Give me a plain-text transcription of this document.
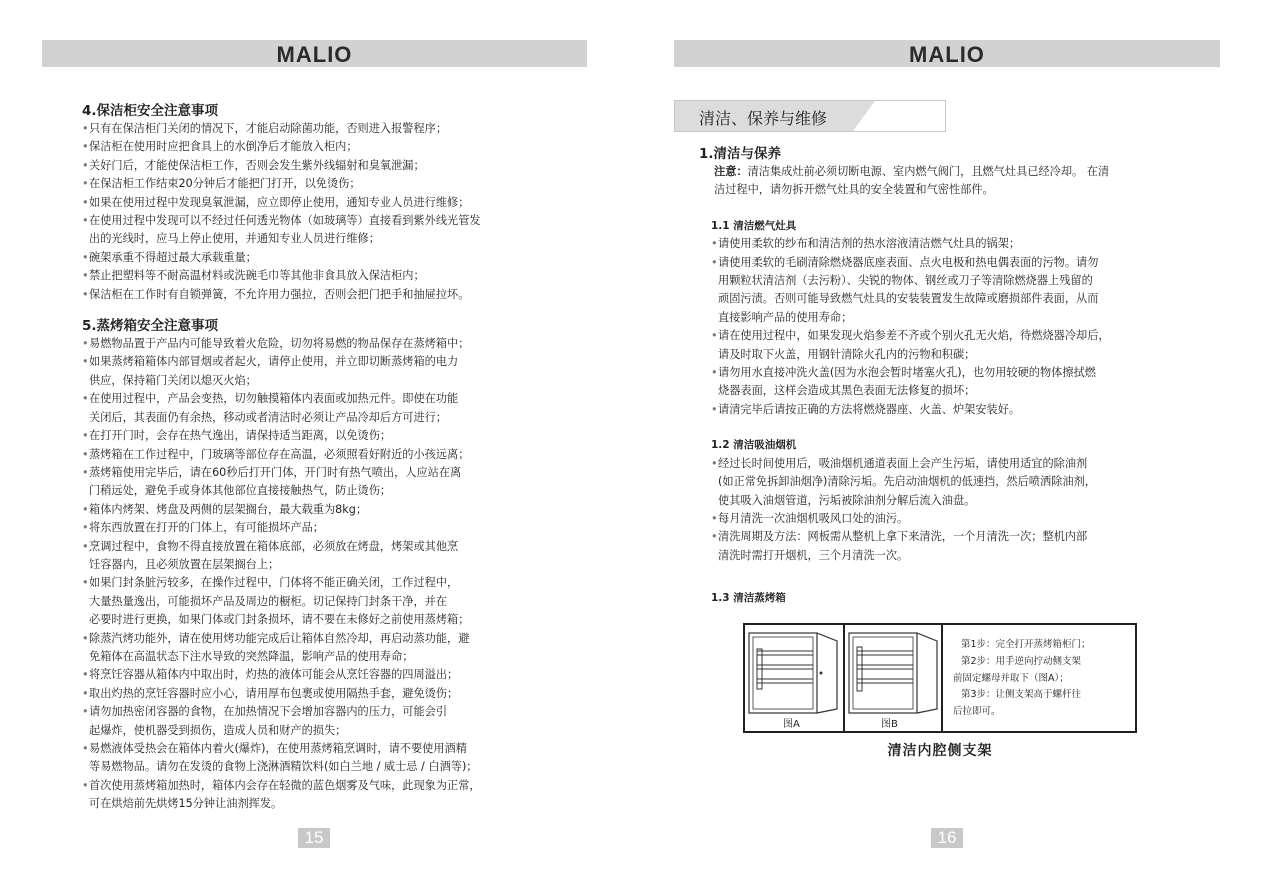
MALIO	MALIO
4.保洁柜安全注意事项
•只有在保洁柜门关闭的情况下，才能启动除菌功能，否则进入报警程序；
•保洁柜在使用时应把食具上的水倒净后才能放入柜内；
•关好门后，才能使保洁柜工作，否则会发生紫外线辐射和臭氧泄漏；
•在保洁柜工作结束20分钟后才能把门打开，以免烫伤；
•如果在使用过程中发现臭氧泄漏，应立即停止使用，通知专业人员进行维修；
•在使用过程中发现可以不经过任何透光物体（如玻璃等）直接看到紫外线光管发
出的光线时，应马上停止使用，并通知专业人员进行维修；
•碗架承重不得超过最大承载重量；
•禁止把塑料等不耐高温材料或洗碗毛巾等其他非食具放入保洁柜内；
•保洁柜在工作时有自锁弹簧，不允许用力强拉，否则会把门把手和抽屉拉坏。
5.蒸烤箱安全注意事项
•易燃物品置于产品内可能导致着火危险，切勿将易燃的物品保存在蒸烤箱中；
•如果蒸烤箱箱体内部冒烟或者起火，请停止使用，并立即切断蒸烤箱的电力
供应，保持箱门关闭以熄灭火焰；
•在使用过程中，产品会变热，切勿触摸箱体内表面或加热元件。即使在功能
关闭后，其表面仍有余热，移动或者清洁时必须让产品冷却后方可进行；
•在打开门时，会存在热气逸出，请保持适当距离，以免烫伤；
•蒸烤箱在工作过程中，门玻璃等部位存在高温，必须照看好附近的小孩远离；
•蒸烤箱使用完毕后，请在60秒后打开门体，开门时有热气喷出，人应站在离
门稍远处，避免手或身体其他部位直接接触热气，防止烫伤；
•箱体内烤架、烤盘及两侧的层架搁台，最大载重为8kg；
•将东西放置在打开的门体上，有可能损坏产品；
•烹调过程中，食物不得直接放置在箱体底部，必须放在烤盘，烤架或其他烹
饪容器内，且必须放置在层架搁台上；
•如果门封条脏污较多，在操作过程中，门体将不能正确关闭，工作过程中，
大量热量逸出，可能损坏产品及周边的橱柜。切记保持门封条干净，并在
必要时进行更换，如果门体或门封条损坏，请不要在未修好之前使用蒸烤箱；
•除蒸汽烤功能外，请在使用烤功能完成后让箱体自然冷却，再启动蒸功能，避
免箱体在高温状态下注水导致的突然降温，影响产品的使用寿命；
•将烹饪容器从箱体内中取出时，灼热的液体可能会从烹饪容器的四周溢出；
•取出灼热的烹饪容器时应小心，请用厚布包裹或使用隔热手套，避免烫伤；
•请勿加热密闭容器的食物，在加热情况下会增加容器内的压力，可能会引
起爆炸，使机器受到损伤，造成人员和财产的损失；
•易燃液体受热会在箱体内着火(爆炸)，在使用蒸烤箱烹调时，请不要使用酒精
等易燃物品。请勿在发烫的食物上浇淋酒精饮料(如白兰地 / 威士忌 / 白酒等)；
•首次使用蒸烤箱加热时，箱体内会存在轻微的蓝色烟雾及气味，此现象为正常，
可在烘焙前先烘烤15分钟让油剂挥发。
15
清洁、保养与维修
1.清洁与保养
注意：清洁集成灶前必须切断电源、室内燃气阀门，且燃气灶具已经冷却。 在清
洁过程中，请勿拆开燃气灶具的安全装置和气密性部件。
1.1 清洁燃气灶具
•请使用柔软的纱布和清洁剂的热水溶液清洁燃气灶具的锅架；
•请使用柔软的毛刷清除燃烧器底座表面、点火电极和热电偶表面的污物。请勿
用颗粒状清洁剂（去污粉）、尖锐的物体、钢丝或刀子等清除燃烧器上残留的
顽固污渍。否则可能导致燃气灶具的安装装置发生故障或磨损部件表面，从而
直接影响产品的使用寿命；
•请在使用过程中，如果发现火焰参差不齐或个别火孔无火焰，待燃烧器冷却后，
请及时取下火盖，用钢针清除火孔内的污物和积碳；
•请勿用水直接冲洗火盖(因为水泡会暂时堵塞火孔)，也勿用较硬的物体擦拭燃
烧器表面，这样会造成其黑色表面无法修复的损坏；
•请清完毕后请按正确的方法将燃烧器座、火盖、炉架安装好。
1.2 清洁吸油烟机
•经过长时间使用后，吸油烟机通道表面上会产生污垢，请使用适宜的除油剂
(如正常免拆卸油烟净)清除污垢。先启动油烟机的低速挡，然后喷洒除油剂，
使其吸入油烟管道，污垢被除油剂分解后流入油盘。
•每月清洗一次油烟机吸风口处的油污。
•清洗周期及方法：网板需从整机上拿下来清洗，一个月清洗一次；整机内部
清洗时需打开烟机，三个月清洗一次。
1.3 清洁蒸烤箱
图A	图B
第1步：完全打开蒸烤箱柜门；
第2步：用手逆向拧动侧支架
前固定螺母并取下（图A）；
第3步：让侧支架高于螺杆往
后拉即可。
清洁内腔侧支架
16
